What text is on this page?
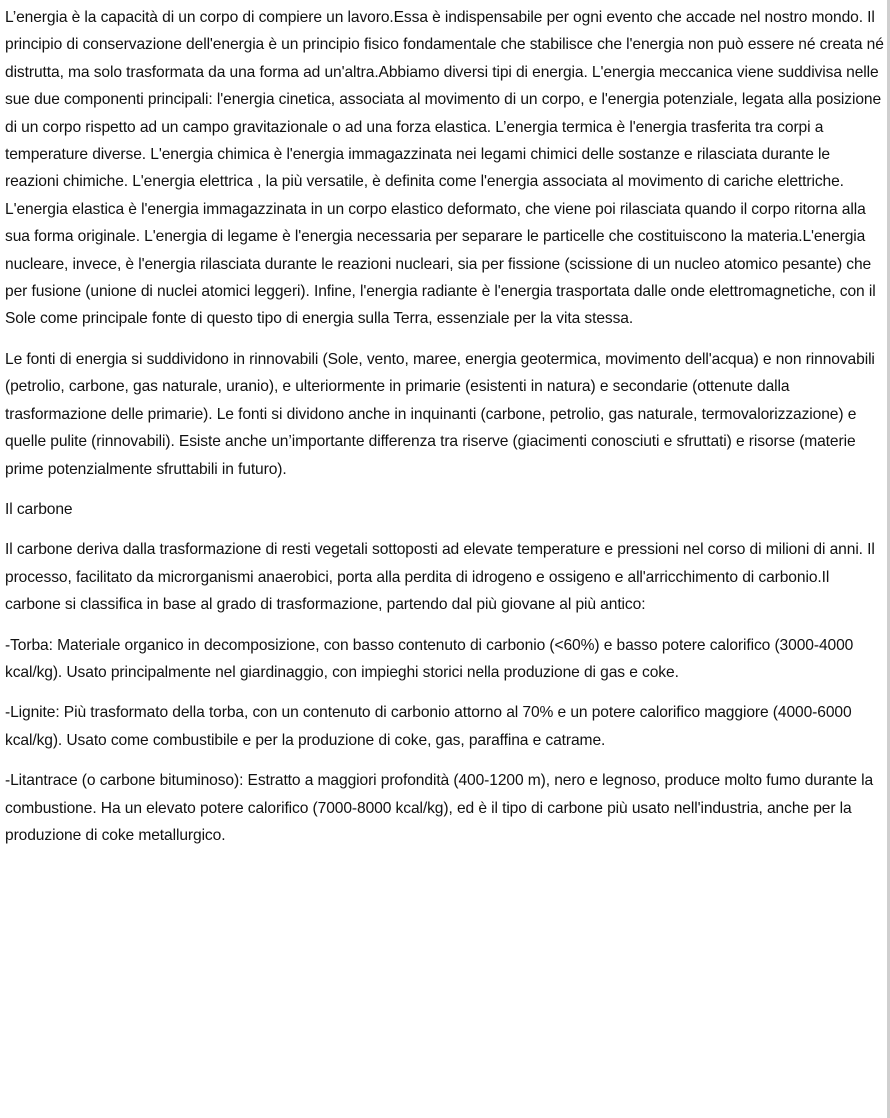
L’energia è la capacità di un corpo di compiere un lavoro.Essa è indispensabile per ogni evento che accade nel nostro mondo. Il principio di conservazione dell'energia è un principio fisico fondamentale che stabilisce che l'energia non può essere né creata né distrutta, ma solo trasformata da una forma ad un'altra.Abbiamo diversi tipi di energia. L'energia meccanica viene suddivisa nelle sue due componenti principali: l'energia cinetica, associata al movimento di un corpo, e l'energia potenziale, legata alla posizione di un corpo rispetto ad un campo gravitazionale o ad una forza elastica. L’energia termica è l'energia trasferita tra corpi a temperature diverse. L'energia chimica è l'energia immagazzinata nei legami chimici delle sostanze e rilasciata durante le reazioni chimiche. L'energia elettrica , la più versatile, è definita come l'energia associata al movimento di cariche elettriche. L'energia elastica è l'energia immagazzinata in un corpo elastico deformato, che viene poi rilasciata quando il corpo ritorna alla sua forma originale. L'energia di legame è l'energia necessaria per separare le particelle che costituiscono la materia.L'energia nucleare, invece, è l'energia rilasciata durante le reazioni nucleari, sia per fissione (scissione di un nucleo atomico pesante) che per fusione (unione di nuclei atomici leggeri). Infine, l'energia radiante è l'energia trasportata dalle onde elettromagnetiche, con il Sole come principale fonte di questo tipo di energia sulla Terra, essenziale per la vita stessa.

Le fonti di energia si suddividono in rinnovabili (Sole, vento, maree, energia geotermica, movimento dell'acqua) e non rinnovabili (petrolio, carbone, gas naturale, uranio), e ulteriormente in primarie (esistenti in natura) e secondarie (ottenute dalla trasformazione delle primarie). Le fonti si dividono anche in inquinanti (carbone, petrolio, gas naturale, termovalorizzazione) e quelle pulite (rinnovabili). Esiste anche un’importante differenza tra riserve (giacimenti conosciuti e sfruttati) e risorse (materie prime potenzialmente sfruttabili in futuro).

Il carbone

Il carbone deriva dalla trasformazione di resti vegetali sottoposti ad elevate temperature e pressioni nel corso di milioni di anni. Il processo, facilitato da microrganismi anaerobici, porta alla perdita di idrogeno e ossigeno e all'arricchimento di carbonio.Il carbone si classifica in base al grado di trasformazione, partendo dal più giovane al più antico:

-Torba: Materiale organico in decomposizione, con basso contenuto di carbonio (<60%) e basso potere calorifico (3000-4000 kcal/kg). Usato principalmente nel giardinaggio, con impieghi storici nella produzione di gas e coke.

-Lignite: Più trasformato della torba, con un contenuto di carbonio attorno al 70% e un potere calorifico maggiore (4000-6000 kcal/kg). Usato come combustibile e per la produzione di coke, gas, paraffina e catrame.

-Litantrace (o carbone bituminoso): Estratto a maggiori profondità (400-1200 m), nero e legnoso, produce molto fumo durante la combustione. Ha un elevato potere calorifico (7000-8000 kcal/kg), ed è il tipo di carbone più usato nell'industria, anche per la produzione di coke metallurgico.
